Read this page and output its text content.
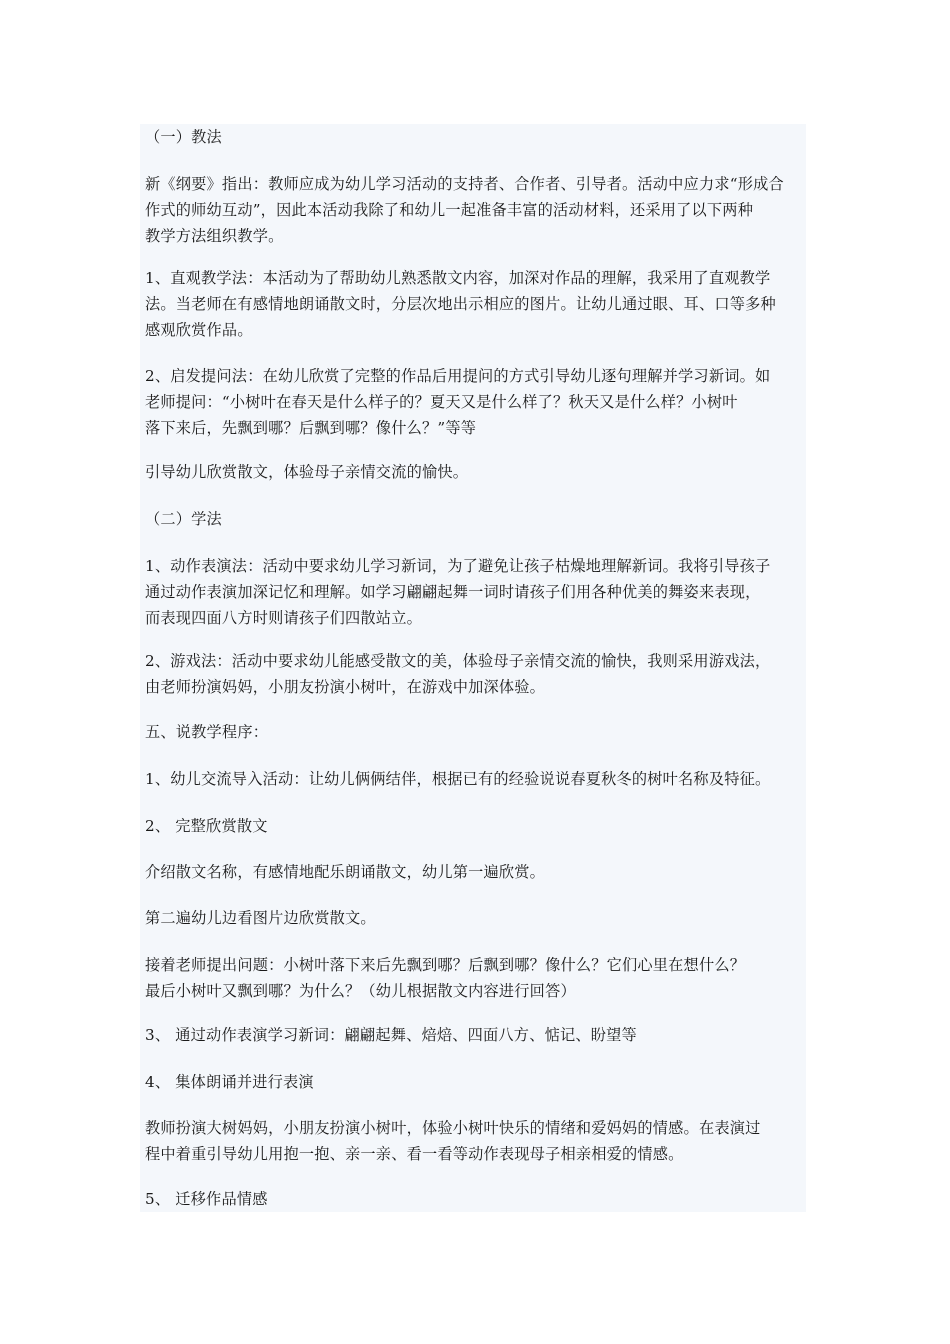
（一）教法

新《纲要》指出：教师应成为幼儿学习活动的支持者、合作者、引导者。活动中应力求“形成合
作式的师幼互动”，因此本活动我除了和幼儿一起准备丰富的活动材料，还采用了以下两种
教学方法组织教学。

1、直观教学法：本活动为了帮助幼儿熟悉散文内容，加深对作品的理解，我采用了直观教学
法。当老师在有感情地朗诵散文时，分层次地出示相应的图片。让幼儿通过眼、耳、口等多种
感观欣赏作品。

2、启发提问法：在幼儿欣赏了完整的作品后用提问的方式引导幼儿逐句理解并学习新词。如
老师提问：“小树叶在春天是什么样子的？夏天又是什么样了？秋天又是什么样？小树叶
落下来后，先飘到哪？后飘到哪？像什么？”等等

引导幼儿欣赏散文，体验母子亲情交流的愉快。

（二）学法

1、动作表演法：活动中要求幼儿学习新词，为了避免让孩子枯燥地理解新词。我将引导孩子
通过动作表演加深记忆和理解。如学习翩翩起舞一词时请孩子们用各种优美的舞姿来表现，
而表现四面八方时则请孩子们四散站立。

2、游戏法：活动中要求幼儿能感受散文的美，体验母子亲情交流的愉快，我则采用游戏法，
由老师扮演妈妈，小朋友扮演小树叶，在游戏中加深体验。

五、说教学程序：

1、幼儿交流导入活动：让幼儿俩俩结伴，根据已有的经验说说春夏秋冬的树叶名称及特征。

2、 完整欣赏散文

介绍散文名称，有感情地配乐朗诵散文，幼儿第一遍欣赏。

第二遍幼儿边看图片边欣赏散文。

接着老师提出问题：小树叶落下来后先飘到哪？后飘到哪？像什么？它们心里在想什么？
最后小树叶又飘到哪？为什么？（幼儿根据散文内容进行回答）

3、 通过动作表演学习新词：翩翩起舞、焙焙、四面八方、惦记、盼望等

4、 集体朗诵并进行表演

教师扮演大树妈妈，小朋友扮演小树叶，体验小树叶快乐的情绪和爱妈妈的情感。在表演过
程中着重引导幼儿用抱一抱、亲一亲、看一看等动作表现母子相亲相爱的情感。

5、 迁移作品情感
